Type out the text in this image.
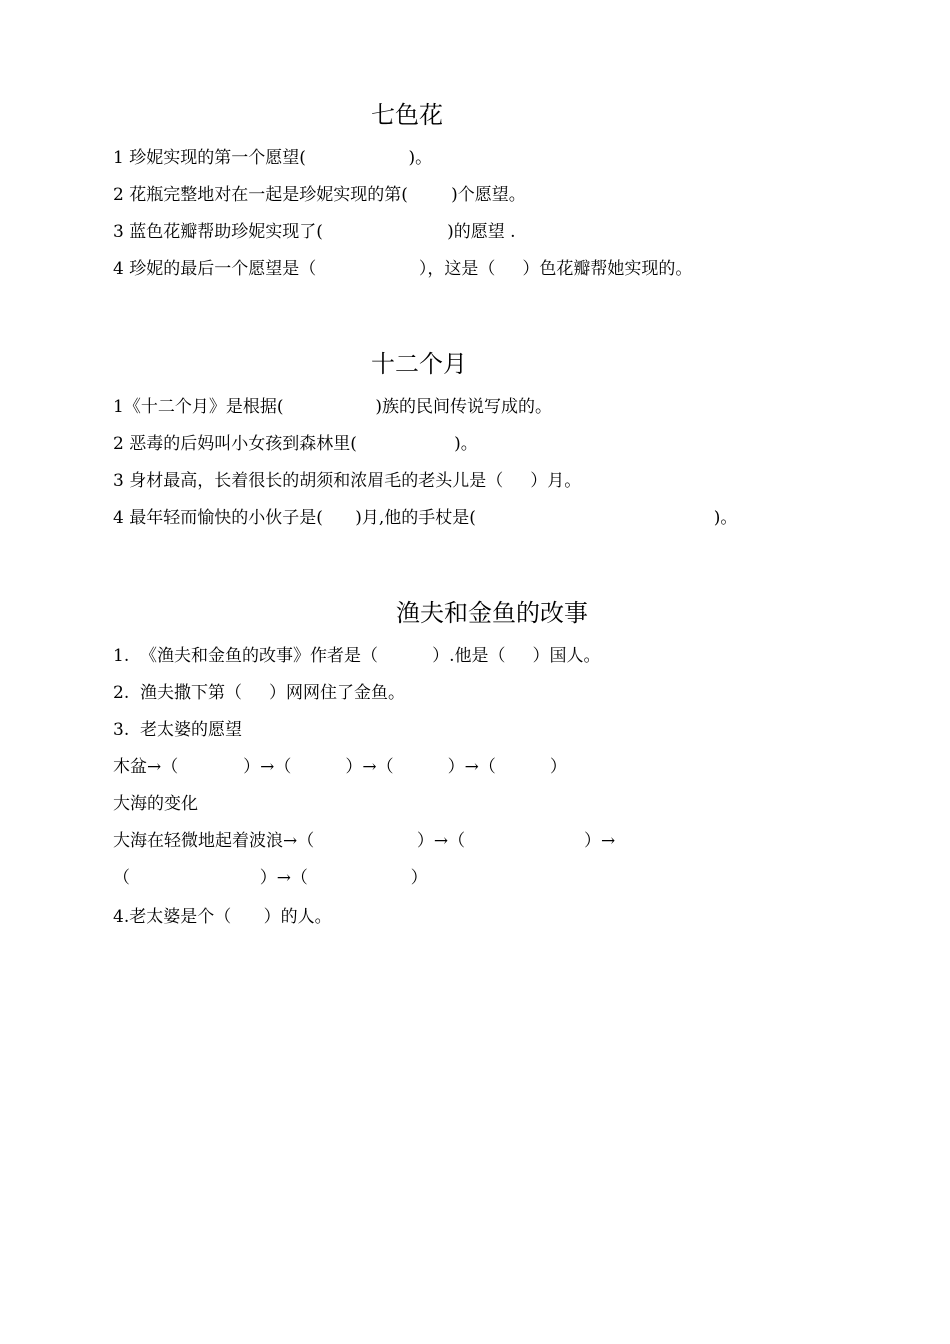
七色花
1 珍妮实现的第一个愿望(                   )。
2 花瓶完整地对在一起是珍妮实现的第(        )个愿望。
3 蓝色花瓣帮助珍妮实现了(                       )的愿望 .
4 珍妮的最后一个愿望是（                   ），这是（     ）色花瓣帮她实现的。
十二个月
1《十二个月》是根据(                 )族的民间传说写成的。
2 恶毒的后妈叫小女孩到森林里(                  )。
3 身材最高，长着很长的胡须和浓眉毛的老头儿是（     ）月。
4 最年轻而愉快的小伙子是(      )月,他的手杖是(                                            )。
渔夫和金鱼的改事
1.  《渔夫和金鱼的改事》作者是（          ）.他是（     ）国人。
2.  渔夫撒下第（     ）网网住了金鱼。
3.  老太婆的愿望
木盆→（            ）→（          ）→（          ）→（          ）
大海的变化
大海在轻微地起着波浪→（                   ）→（                      ）→
（                        ）→（                   ）
4.老太婆是个（      ）的人。
